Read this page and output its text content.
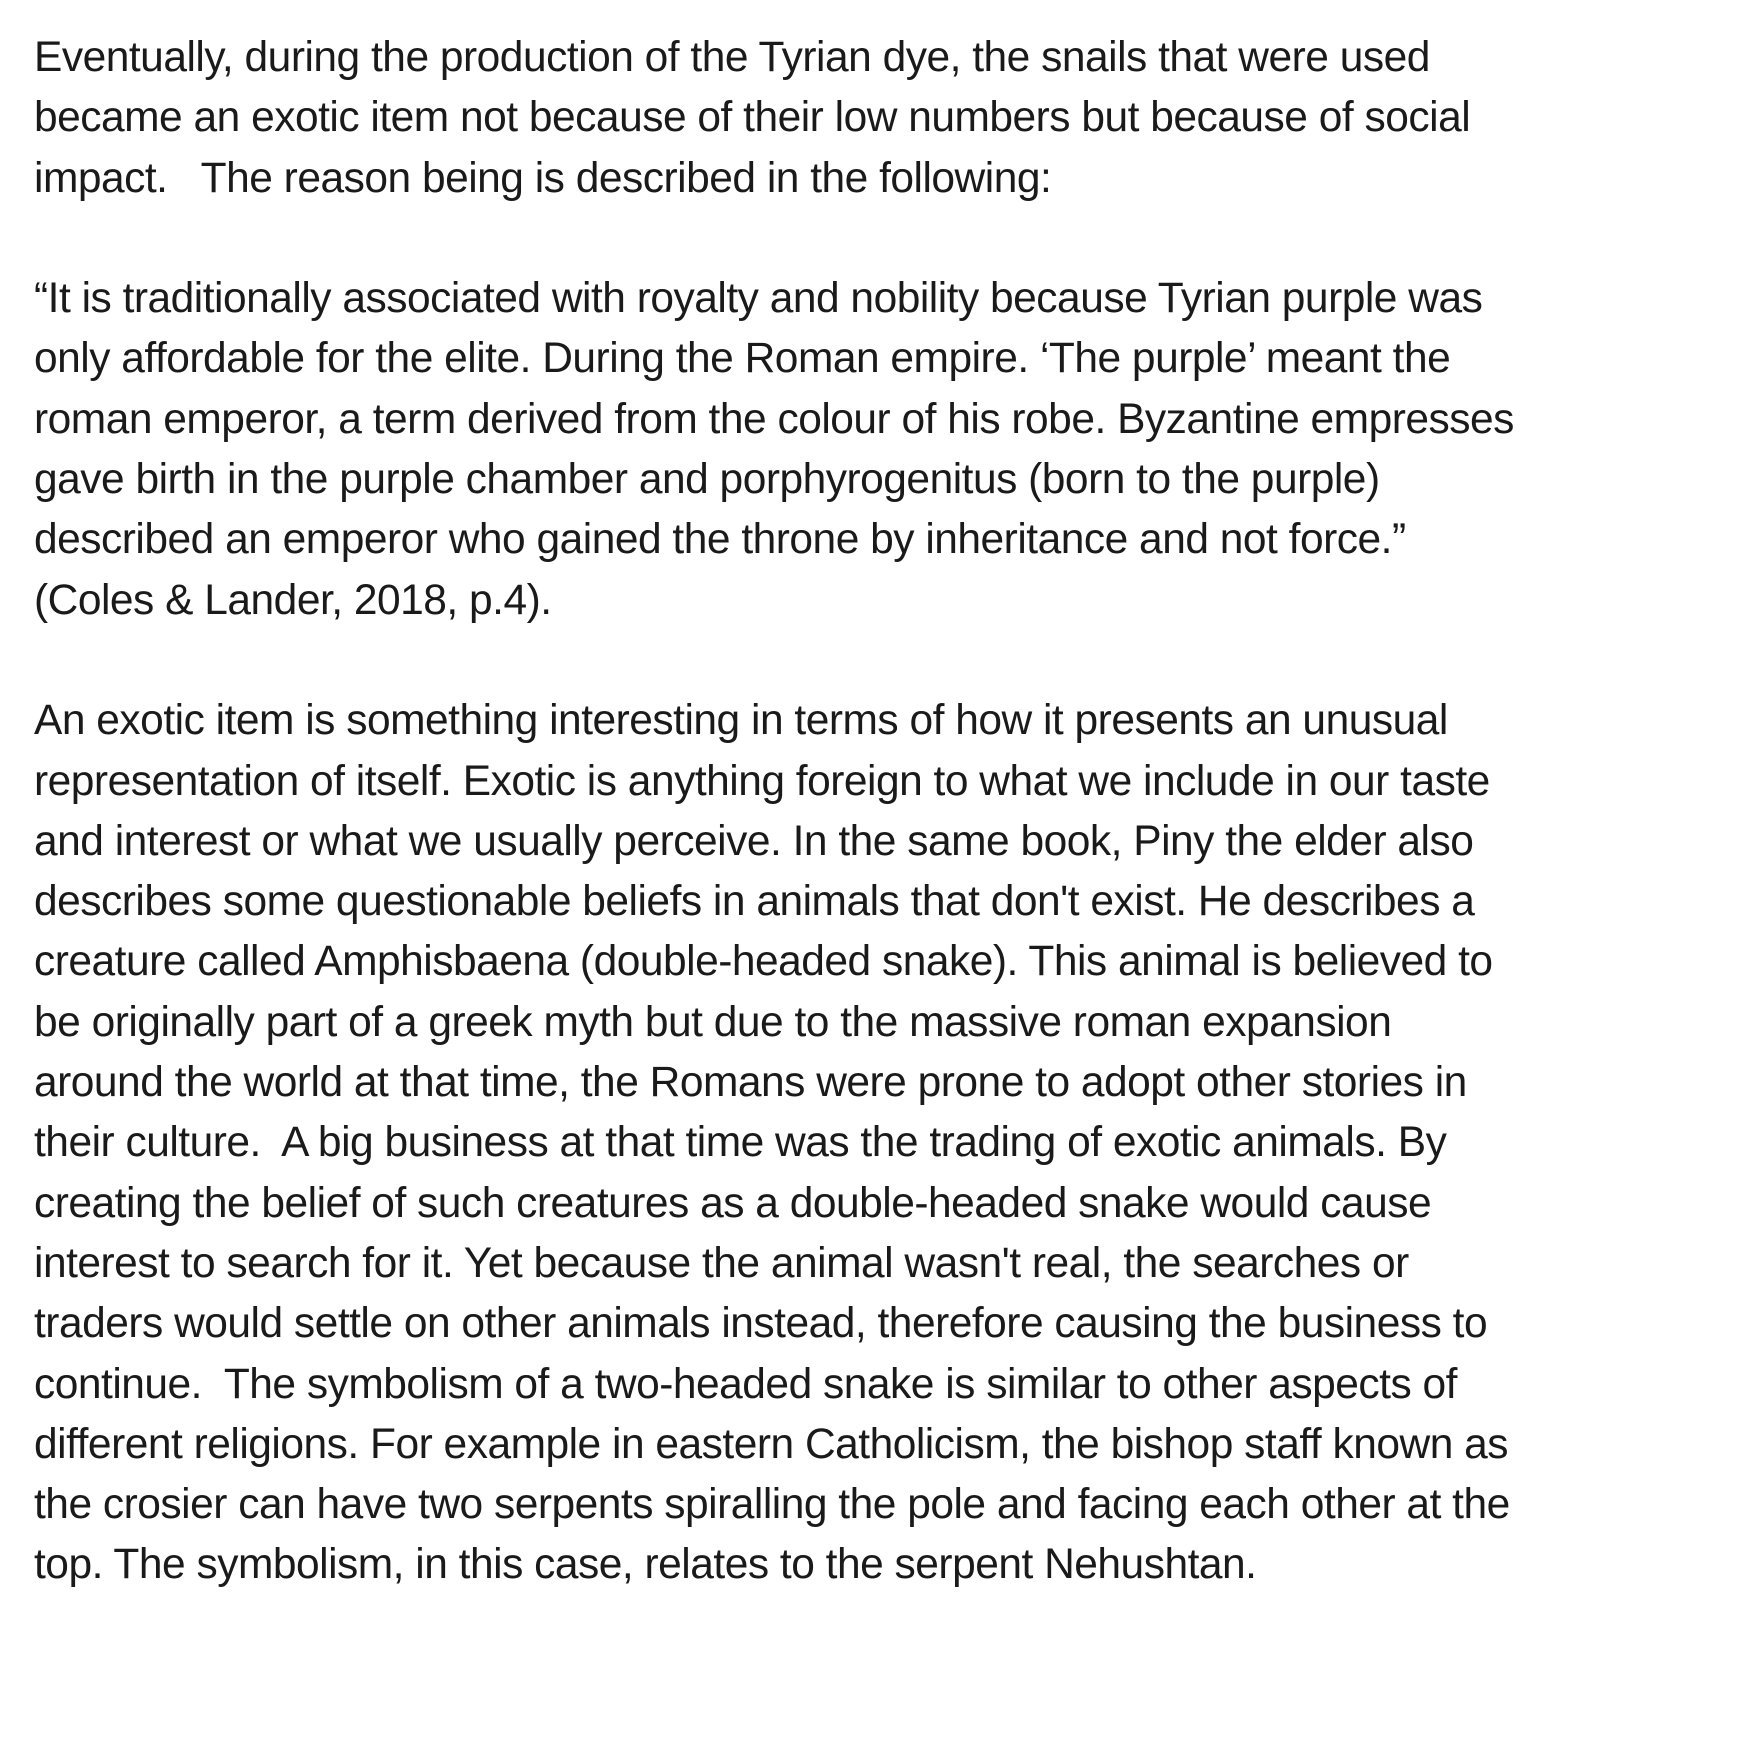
Eventually, during the production of the Tyrian dye, the snails that were used
became an exotic item not because of their low numbers but because of social
impact.   The reason being is described in the following:

“It is traditionally associated with royalty and nobility because Tyrian purple was
only affordable for the elite. During the Roman empire. ‘The purple’ meant the
roman emperor, a term derived from the colour of his robe. Byzantine empresses
gave birth in the purple chamber and porphyrogenitus (born to the purple)
described an emperor who gained the throne by inheritance and not force.”
(Coles & Lander, 2018, p.4).

An exotic item is something interesting in terms of how it presents an unusual
representation of itself. Exotic is anything foreign to what we include in our taste
and interest or what we usually perceive. In the same book, Piny the elder also
describes some questionable beliefs in animals that don't exist. He describes a
creature called Amphisbaena (double-headed snake). This animal is believed to
be originally part of a greek myth but due to the massive roman expansion
around the world at that time, the Romans were prone to adopt other stories in
their culture.  A big business at that time was the trading of exotic animals. By
creating the belief of such creatures as a double-headed snake would cause
interest to search for it. Yet because the animal wasn't real, the searches or
traders would settle on other animals instead, therefore causing the business to
continue.  The symbolism of a two-headed snake is similar to other aspects of
different religions. For example in eastern Catholicism, the bishop staff known as
the crosier can have two serpents spiralling the pole and facing each other at the
top. The symbolism, in this case, relates to the serpent Nehushtan.
